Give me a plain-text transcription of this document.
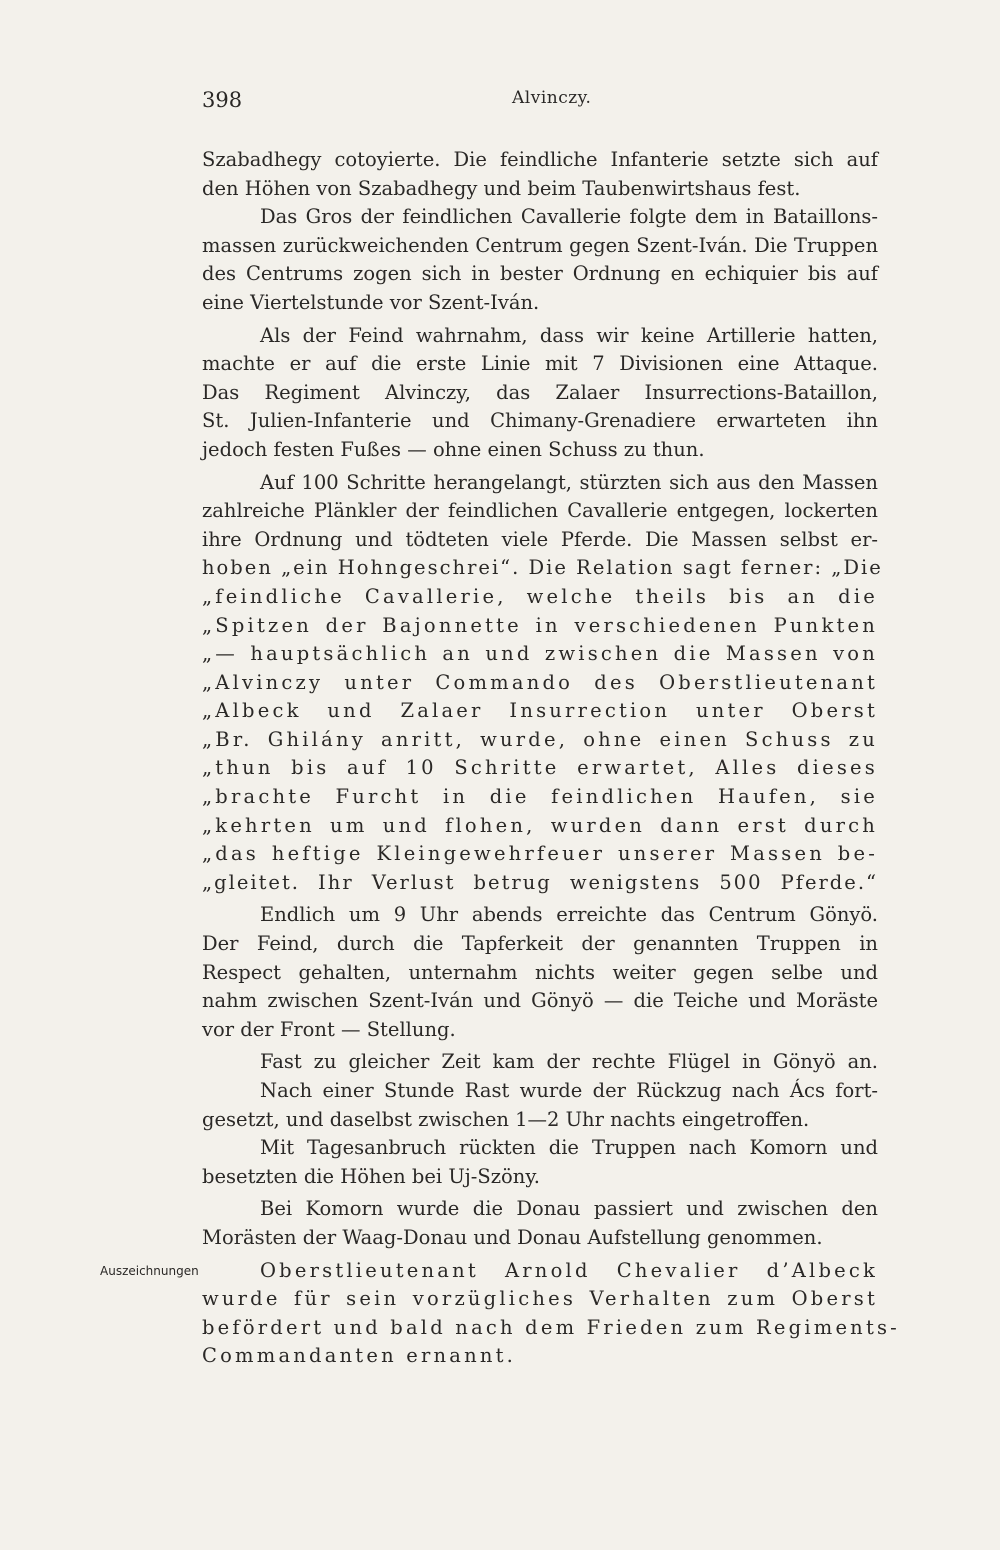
398	Alvinczy.
Auszeichnungen
Szabadhegy cotoyierte. Die feindliche Infanterie setzte sich auf
den Höhen von Szabadhegy und beim Taubenwirtshaus fest.
Das Gros der feindlichen Cavallerie folgte dem in Bataillons-
massen zurückweichenden Centrum gegen Szent-Iván. Die Truppen
des Centrums zogen sich in bester Ordnung en echiquier bis auf
eine Viertelstunde vor Szent-Iván.
Als der Feind wahrnahm, dass wir keine Artillerie hatten,
machte er auf die erste Linie mit 7 Divisionen eine Attaque.
Das Regiment Alvinczy, das Zalaer Insurrections-Bataillon,
St. Julien-Infanterie und Chimany-Grenadiere erwarteten ihn
jedoch festen Fußes — ohne einen Schuss zu thun.
Auf 100 Schritte herangelangt, stürzten sich aus den Massen
zahlreiche Plänkler der feindlichen Cavallerie entgegen, lockerten
ihre Ordnung und tödteten viele Pferde. Die Massen selbst er-
hoben „ein Hohngeschrei“. Die Relation sagt ferner: „Die
„feindliche Cavallerie, welche theils bis an die
„Spitzen der Bajonnette in verschiedenen Punkten
„— hauptsächlich an und zwischen die Massen von
„Alvinczy unter Commando des Oberstlieutenant
„Albeck und Zalaer Insurrection unter Oberst
„Br. Ghilány anritt, wurde, ohne einen Schuss zu
„thun bis auf 10 Schritte erwartet, Alles dieses
„brachte Furcht in die feindlichen Haufen, sie
„kehrten um und flohen, wurden dann erst durch
„das heftige Kleingewehrfeuer unserer Massen be-
„gleitet. Ihr Verlust betrug wenigstens 500 Pferde.“
Endlich um 9 Uhr abends erreichte das Centrum Gönyö.
Der Feind, durch die Tapferkeit der genannten Truppen in
Respect gehalten, unternahm nichts weiter gegen selbe und
nahm zwischen Szent-Iván und Gönyö — die Teiche und Moräste
vor der Front — Stellung.
Fast zu gleicher Zeit kam der rechte Flügel in Gönyö an.
Nach einer Stunde Rast wurde der Rückzug nach Ács fort-
gesetzt, und daselbst zwischen 1—2 Uhr nachts eingetroffen.
Mit Tagesanbruch rückten die Truppen nach Komorn und
besetzten die Höhen bei Uj-Szöny.
Bei Komorn wurde die Donau passiert und zwischen den
Morästen der Waag-Donau und Donau Aufstellung genommen.
Oberstlieutenant Arnold Chevalier d’Albeck
wurde für sein vorzügliches Verhalten zum Oberst
befördert und bald nach dem Frieden zum Regiments-
Commandanten ernannt.
